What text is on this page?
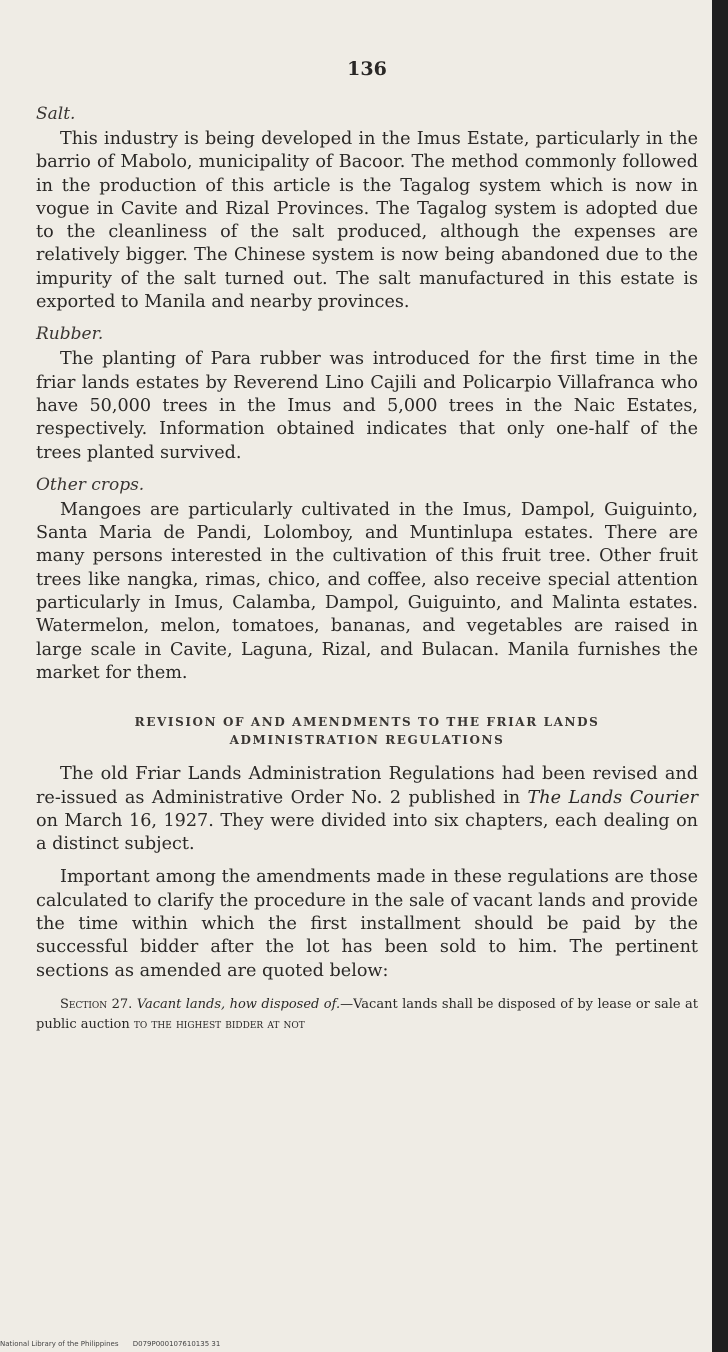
136
Salt.

This industry is being developed in the Imus Estate, particularly in the barrio of Mabolo, municipality of Bacoor. The method commonly followed in the production of this article is the Tagalog system which is now in vogue in Cavite and Rizal Provinces. The Tagalog system is adopted due to the cleanliness of the salt produced, although the expenses are relatively bigger. The Chinese system is now being abandoned due to the impurity of the salt turned out. The salt manufactured in this estate is exported to Manila and nearby provinces.

Rubber.

The planting of Para rubber was introduced for the first time in the friar lands estates by Reverend Lino Cajili and Policarpio Villafranca who have 50,000 trees in the Imus and 5,000 trees in the Naic Estates, respectively. Information obtained indicates that only one-half of the trees planted survived.

Other crops.

Mangoes are particularly cultivated in the Imus, Dampol, Guiguinto, Santa Maria de Pandi, Lolomboy, and Muntinlupa estates. There are many persons interested in the cultivation of this fruit tree. Other fruit trees like nangka, rimas, chico, and coffee, also receive special attention particularly in Imus, Calamba, Dampol, Guiguinto, and Malinta estates. Watermelon, melon, tomatoes, bananas, and vegetables are raised in large scale in Cavite, Laguna, Rizal, and Bulacan. Manila furnishes the market for them.

REVISION OF AND AMENDMENTS TO THE FRIAR LANDS
ADMINISTRATION REGULATIONS

The old Friar Lands Administration Regulations had been revised and re-issued as Administrative Order No. 2 published in The Lands Courier on March 16, 1927. They were divided into six chapters, each dealing on a distinct subject.

Important among the amendments made in these regulations are those calculated to clarify the procedure in the sale of vacant lands and provide the time within which the first installment should be paid by the successful bidder after the lot has been sold to him. The pertinent sections as amended are quoted below:

Section 27. Vacant lands, how disposed of.—Vacant lands shall be disposed of by lease or sale at public auction to the highest bidder at not

National Library of the Philippines D079P000107610135 31
